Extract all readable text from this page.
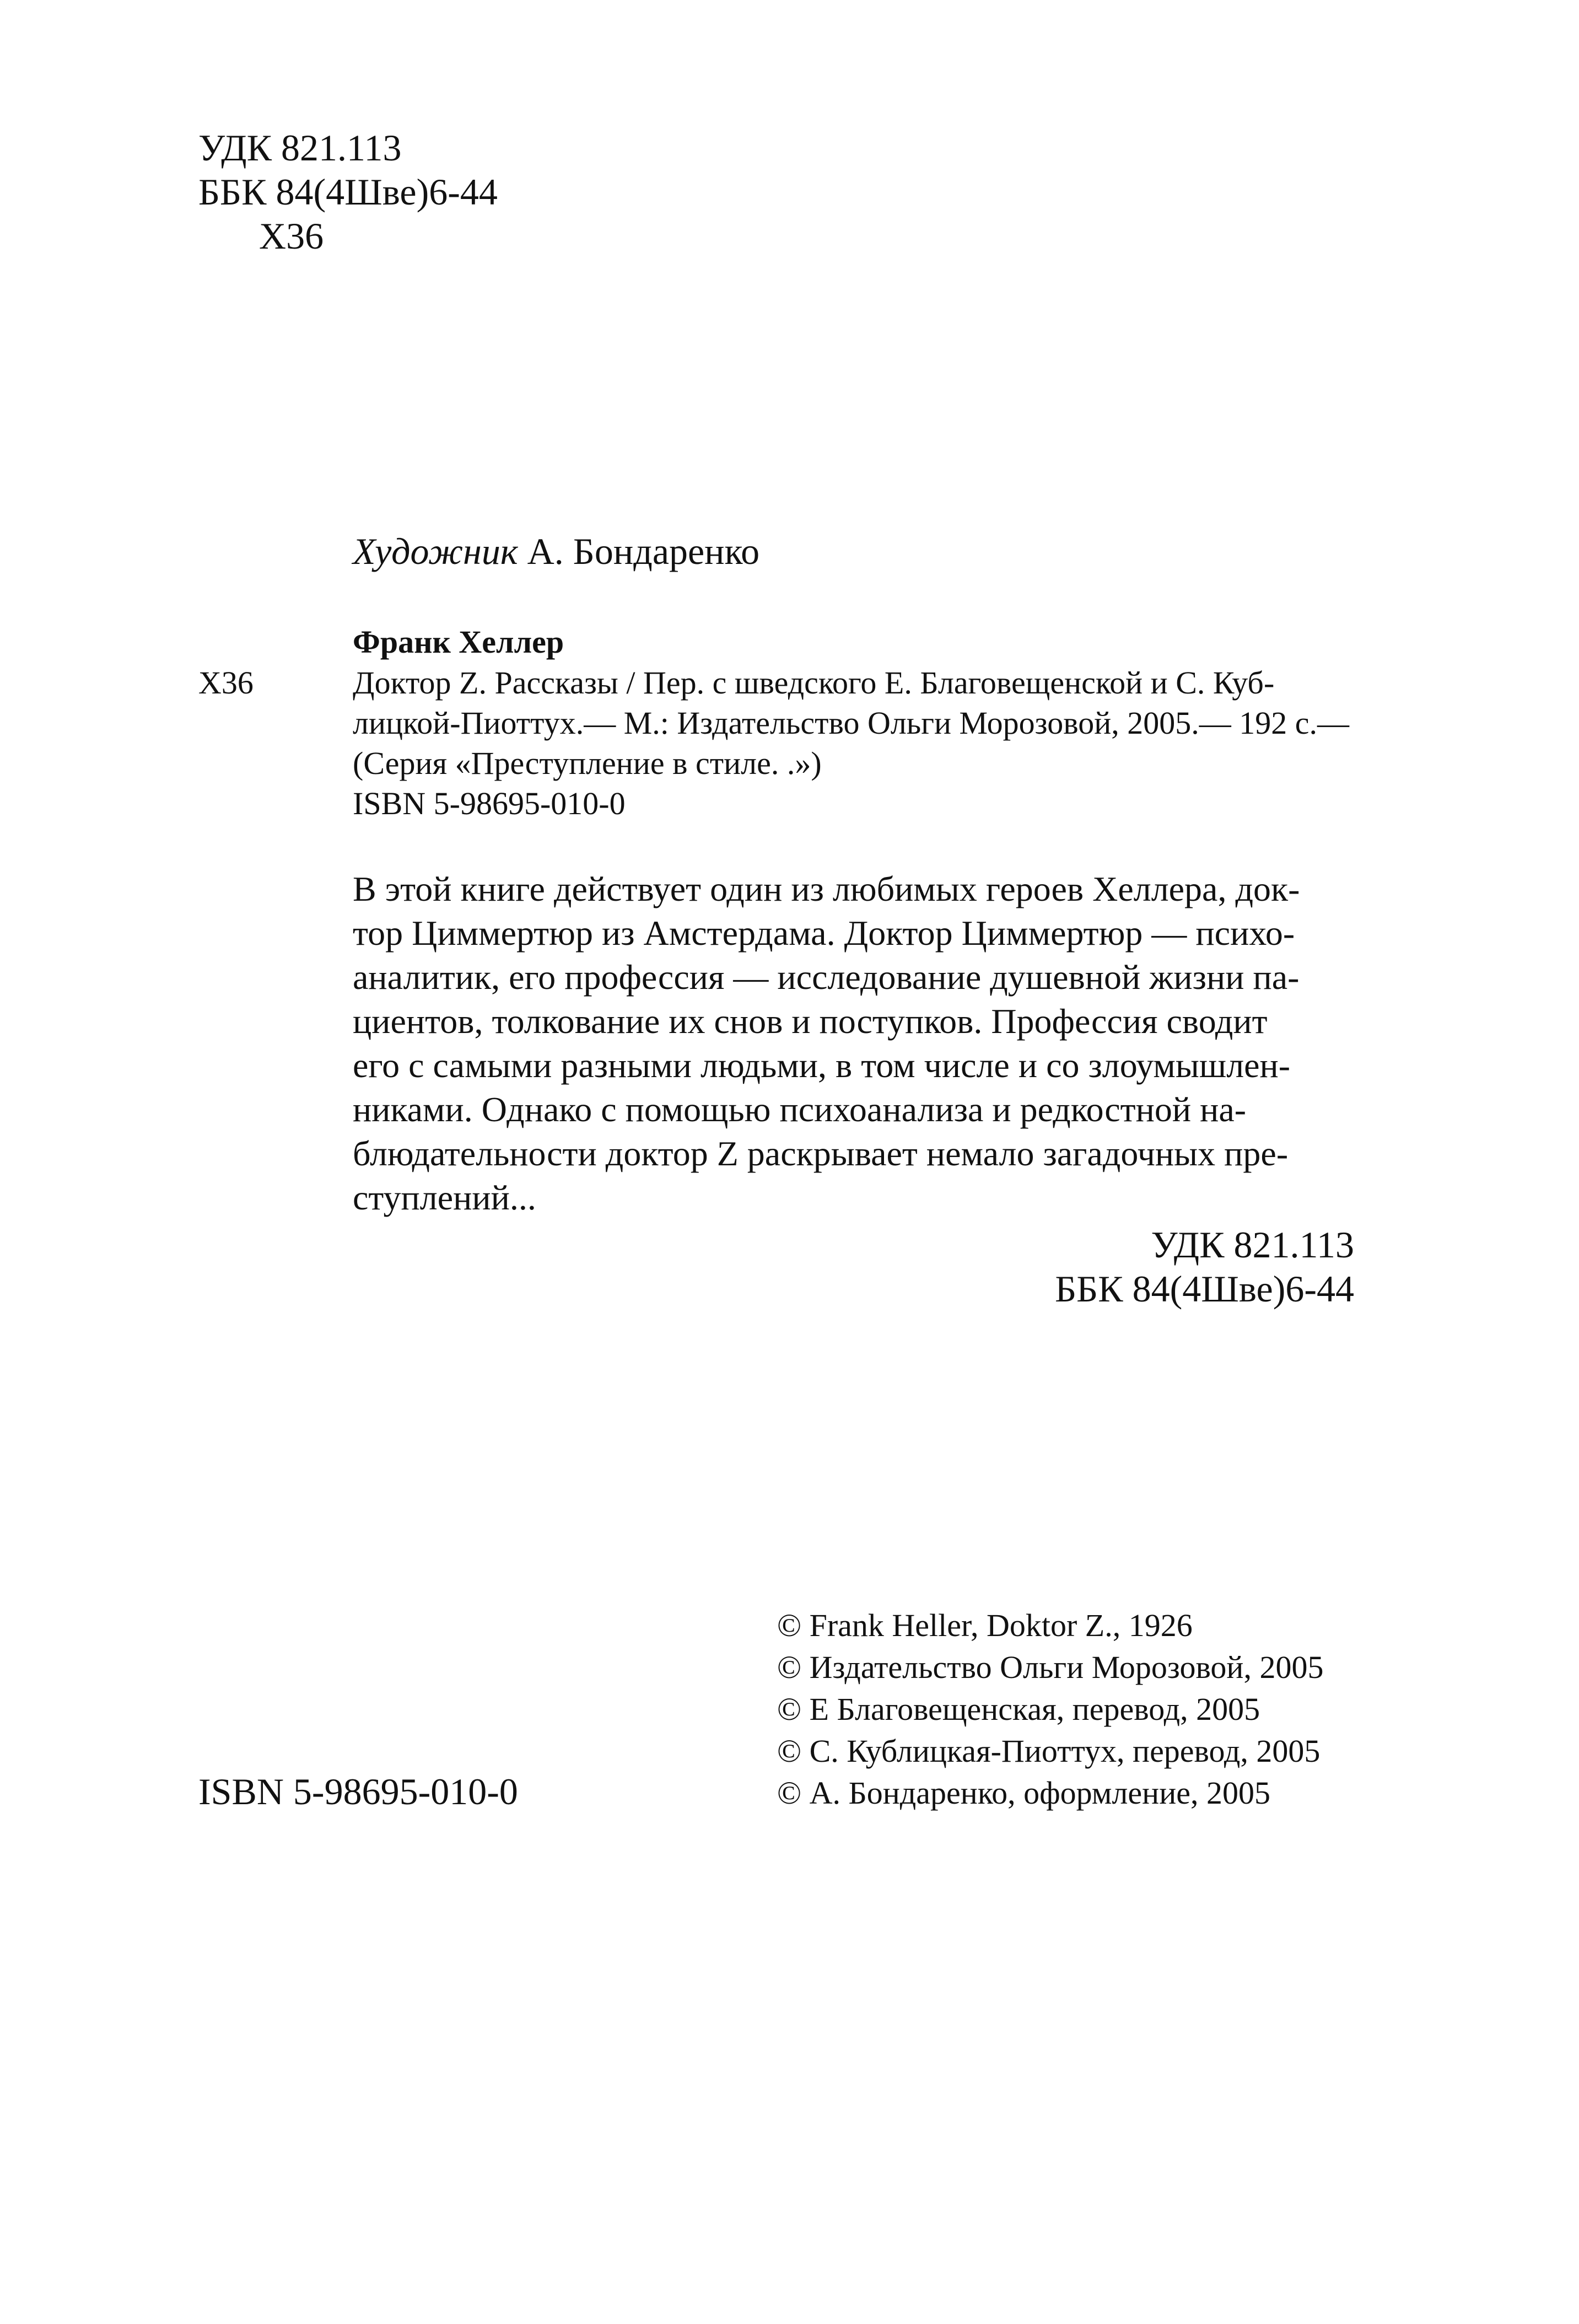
УДК 821.113
ББК 84(4Шве)6-44
Х36
Художник А. Бондаренко
Франк Хеллер
Х36	Доктор Z. Рассказы / Пер. с шведского Е. Благовещенской и С. Куб-
лицкой-Пиоттух.— М.: Издательство Ольги Морозовой, 2005.— 192 с.—
(Серия «Преступление в стиле. .»)
ISBN 5-98695-010-0
В этой книге действует один из любимых героев Хеллера, док-
тор Циммертюр из Амстердама. Доктор Циммертюр — психо-
аналитик, его профессия — исследование душевной жизни па-
циентов, толкование их снов и поступков. Профессия сводит
его с самыми разными людьми, в том числе и со злоумышлен-
никами. Однако с помощью психоанализа и редкостной на-
блюдательности доктор Z раскрывает немало загадочных пре-
ступлений...
УДК 821.113
ББК 84(4Шве)6-44
© Frank Heller, Doktor Z., 1926
© Издательство Ольги Морозовой, 2005
© Е Благовещенская, перевод, 2005
© С. Кублицкая-Пиоттух, перевод, 2005
© А. Бондаренко, оформление, 2005
ISBN 5-98695-010-0
